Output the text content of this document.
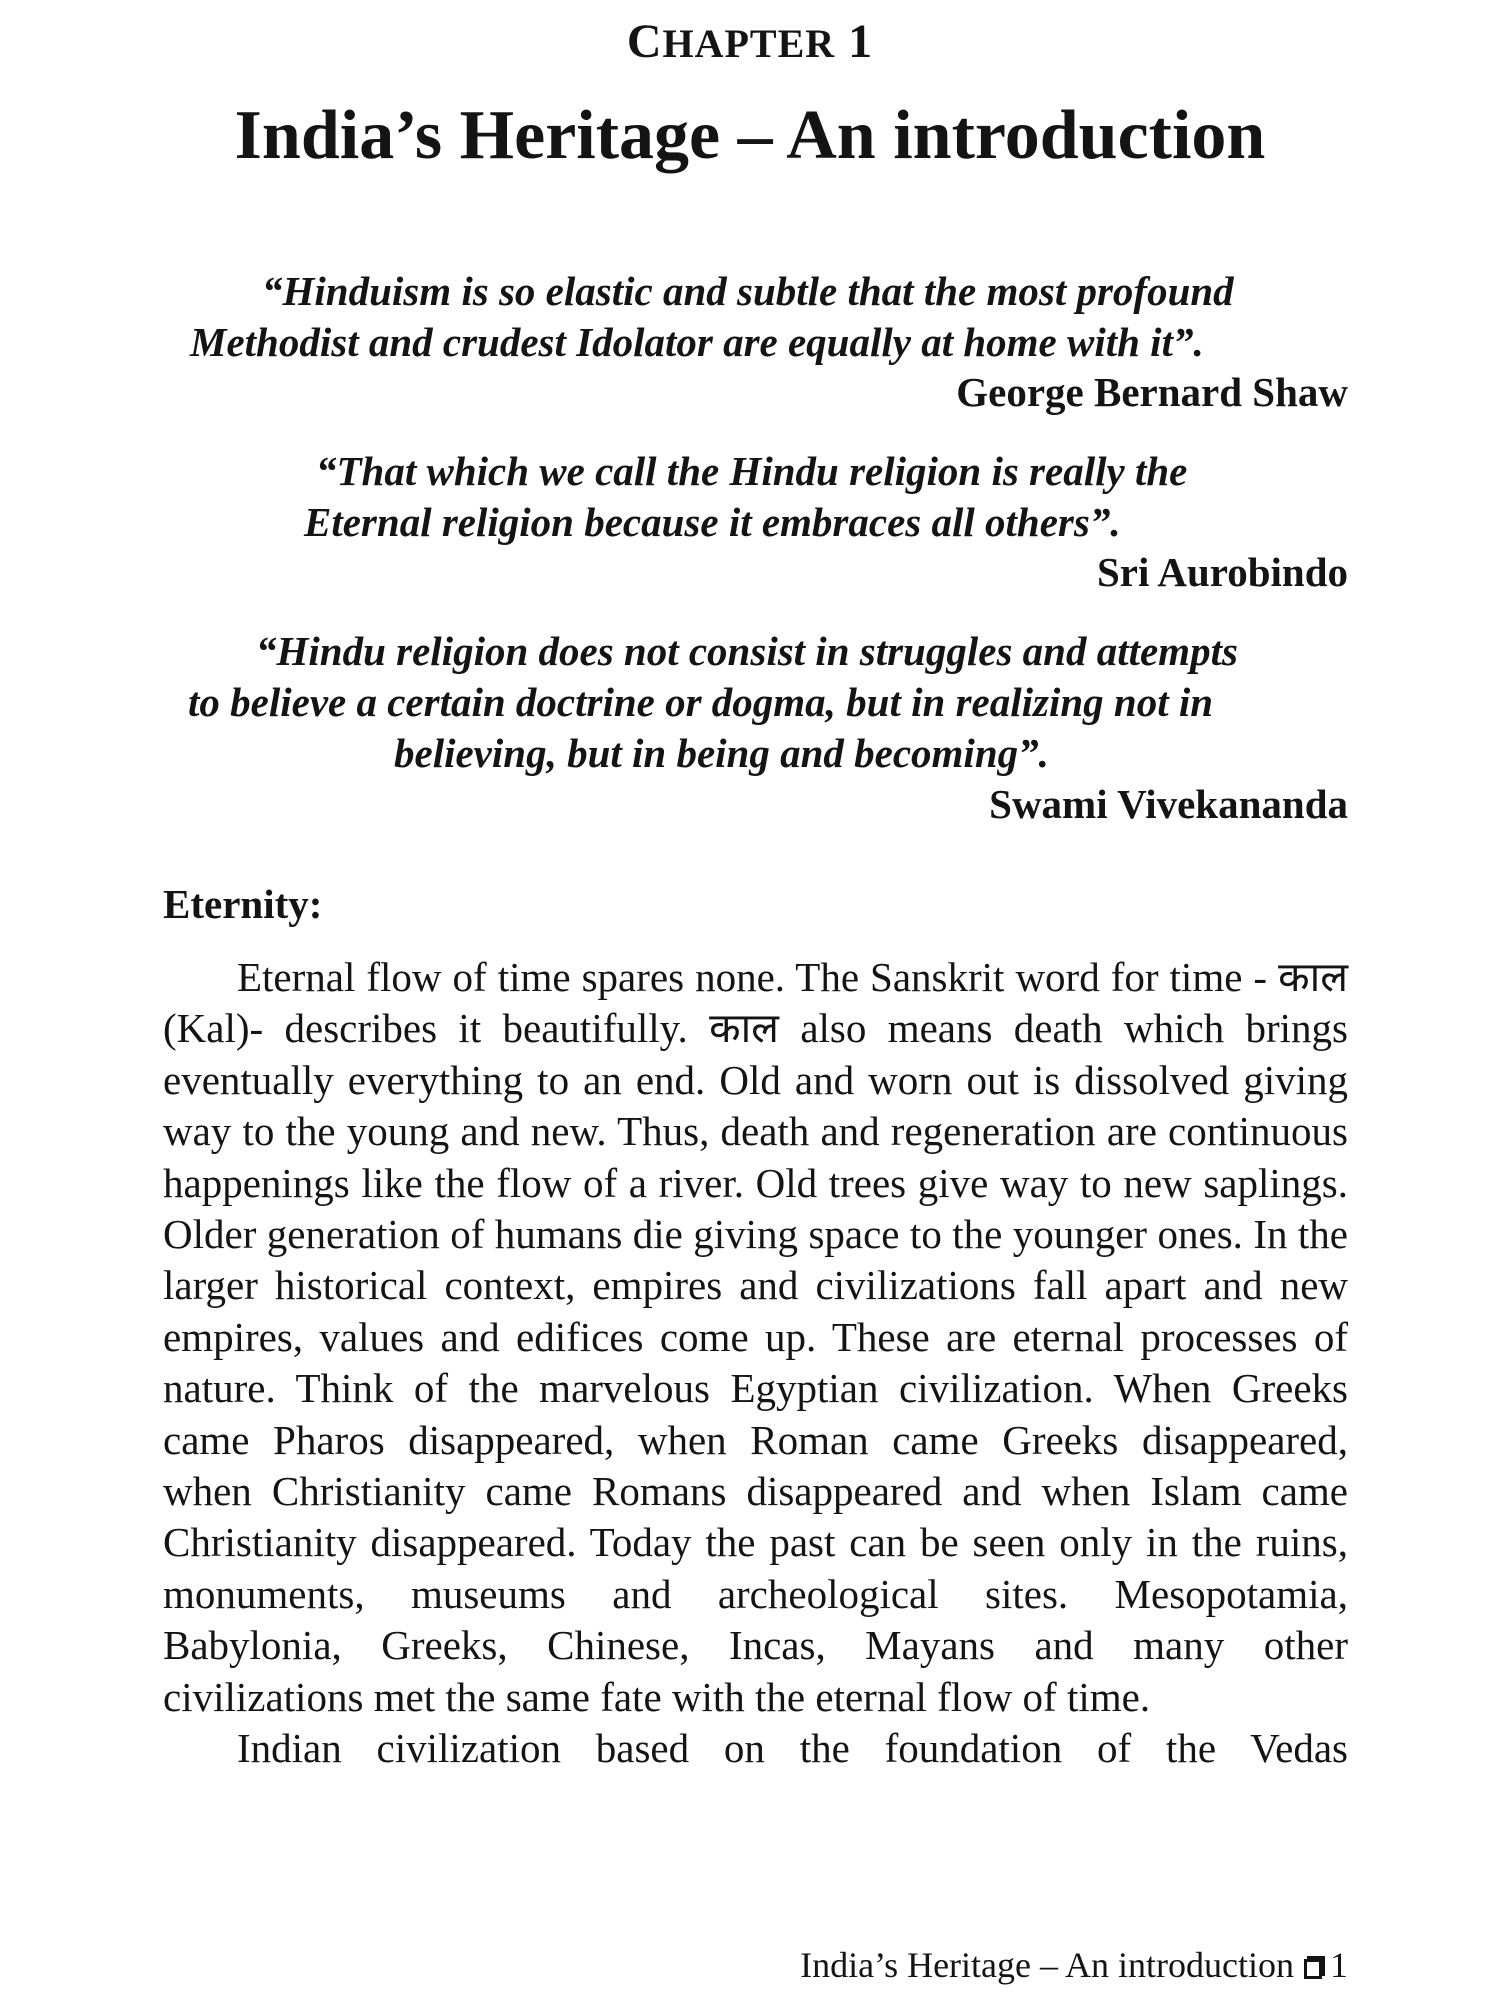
CHAPTER 1
India’s Heritage – An introduction
“Hinduism is so elastic and subtle that the most profound
Methodist and crudest Idolator are equally at home with it”.
George Bernard Shaw
“That which we call the Hindu religion is really the
Eternal religion because it embraces all others”.
Sri Aurobindo
“Hindu religion does not consist in struggles and attempts
to believe a certain doctrine or dogma, but in realizing not in
believing, but in being and becoming”.
Swami Vivekananda
Eternity:

Eternal flow of time spares none. The Sanskrit word for time - काल (Kal)- describes it beautifully. काल also means death which brings eventually everything to an end. Old and worn out is dissolved giving way to the young and new. Thus, death and regeneration are continuous happenings like the flow of a river. Old trees give way to new saplings. Older generation of humans die giving space to the younger ones. In the larger historical context, empires and civilizations fall apart and new empires, values and edifices come up. These are eternal processes of nature. Think of the marvelous Egyptian civilization. When Greeks came Pharos disappeared, when Roman came Greeks disappeared, when Christianity came Romans disappeared and when Islam came Christianity disappeared. Today the past can be seen only in the ruins, monuments, museums and archeological sites. Mesopotamia, Babylonia, Greeks, Chinese, Incas, Mayans and many other civilizations met the same fate with the eternal flow of time.

Indian civilization based on the foundation of the Vedas

India’s Heritage – An introduction 1
